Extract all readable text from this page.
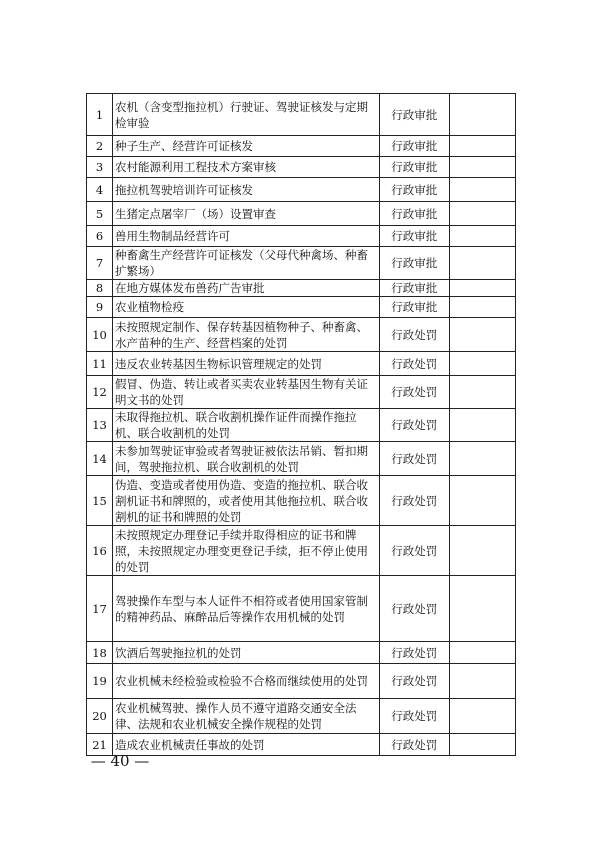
1	农机（含变型拖拉机）行驶证、驾驶证核发与定期检审验	行政审批	
2	种子生产、经营许可证核发	行政审批	
3	农村能源利用工程技术方案审核	行政审批	
4	拖拉机驾驶培训许可证核发	行政审批	
5	生猪定点屠宰厂（场）设置审查	行政审批	
6	兽用生物制品经营许可	行政审批	
7	种畜禽生产经营许可证核发（父母代种禽场、种畜扩繁场）	行政审批	
8	在地方媒体发布兽药广告审批	行政审批	
9	农业植物检疫	行政审批	
10	未按照规定制作、保存转基因植物种子、种畜禽、水产苗种的生产、经营档案的处罚	行政处罚	
11	违反农业转基因生物标识管理规定的处罚	行政处罚	
12	假冒、伪造、转让或者买卖农业转基因生物有关证明文书的处罚	行政处罚	
13	未取得拖拉机、联合收割机操作证件而操作拖拉机、联合收割机的处罚	行政处罚	
14	未参加驾驶证审验或者驾驶证被依法吊销、暂扣期间，驾驶拖拉机、联合收割机的处罚	行政处罚	
15	伪造、变造或者使用伪造、变造的拖拉机、联合收割机证书和牌照的，或者使用其他拖拉机、联合收割机的证书和牌照的处罚	行政处罚	
16	未按照规定办理登记手续并取得相应的证书和牌照，未按照规定办理变更登记手续，拒不停止使用的处罚	行政处罚	
17	驾驶操作车型与本人证件不相符或者使用国家管制的精神药品、麻醉品后等操作农用机械的处罚	行政处罚	
18	饮酒后驾驶拖拉机的处罚	行政处罚	
19	农业机械未经检验或检验不合格而继续使用的处罚	行政处罚	
20	农业机械驾驶、操作人员不遵守道路交通安全法律、法规和农业机械安全操作规程的处罚	行政处罚	
21	造成农业机械责任事故的处罚	行政处罚	
— 40 —
